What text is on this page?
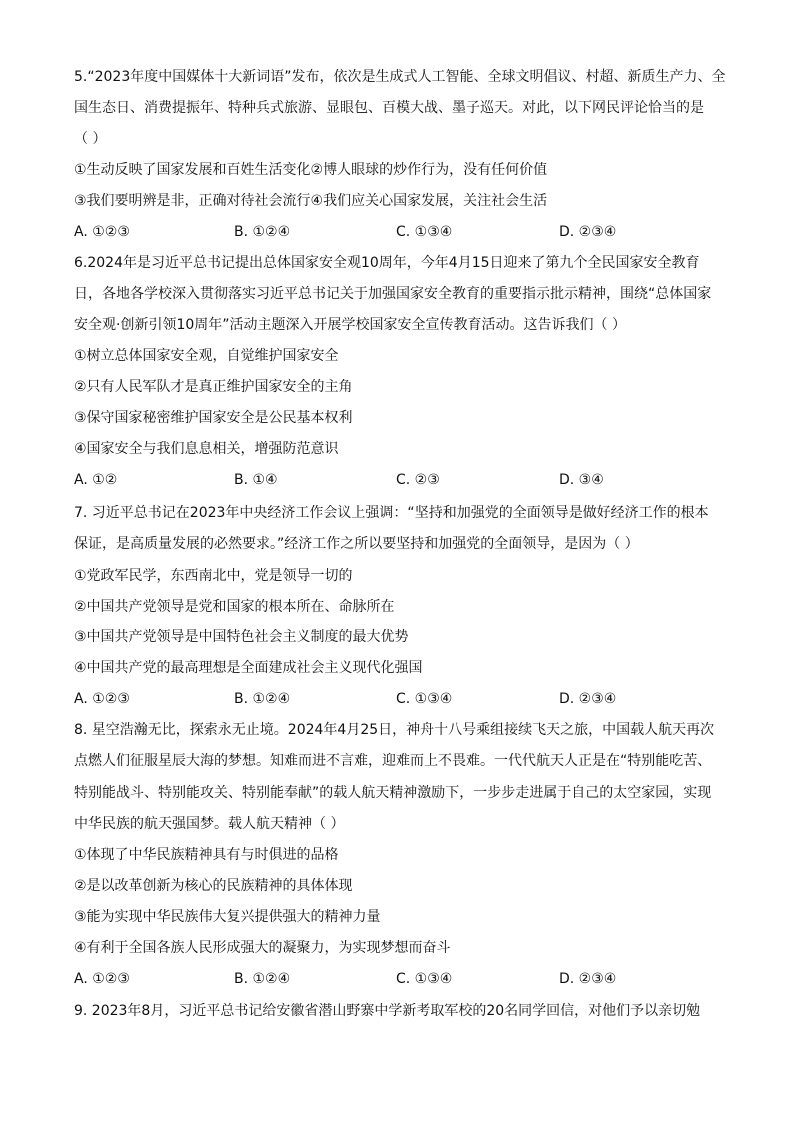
5.“2023年度中国媒体十大新词语”发布，依次是生成式人工智能、全球文明倡议、村超、新质生产力、全
国生态日、消费提振年、特种兵式旅游、显眼包、百模大战、墨子巡天。对此，以下网民评论恰当的是
（ ）
①生动反映了国家发展和百姓生活变化②博人眼球的炒作行为，没有任何价值
③我们要明辨是非，正确对待社会流行④我们应关心国家发展，关注社会生活
A. ①②③	B. ①②④	C. ①③④	D. ②③④
6.2024年是习近平总书记提出总体国家安全观10周年，今年4月15日迎来了第九个全民国家安全教育
日，各地各学校深入贯彻落实习近平总书记关于加强国家安全教育的重要指示批示精神，围绕“总体国家
安全观·创新引领10周年”活动主题深入开展学校国家安全宣传教育活动。这告诉我们（ ）
①树立总体国家安全观，自觉维护国家安全
②只有人民军队才是真正维护国家安全的主角
③保守国家秘密维护国家安全是公民基本权利
④国家安全与我们息息相关，增强防范意识
A. ①②	B. ①④	C. ②③	D. ③④
7. 习近平总书记在2023年中央经济工作会议上强调：“坚持和加强党的全面领导是做好经济工作的根本
保证，是高质量发展的必然要求。”经济工作之所以要坚持和加强党的全面领导，是因为（ ）
①党政军民学，东西南北中，党是领导一切的
②中国共产党领导是党和国家的根本所在、命脉所在
③中国共产党领导是中国特色社会主义制度的最大优势
④中国共产党的最高理想是全面建成社会主义现代化强国
A. ①②③	B. ①②④	C. ①③④	D. ②③④
8. 星空浩瀚无比，探索永无止境。2024年4月25日，神舟十八号乘组接续飞天之旅，中国载人航天再次
点燃人们征服星辰大海的梦想。知难而进不言难，迎难而上不畏难。一代代航天人正是在“特别能吃苦、
特别能战斗、特别能攻关、特别能奉献”的载人航天精神激励下，一步步走进属于自己的太空家园，实现
中华民族的航天强国梦。载人航天精神（ ）
①体现了中华民族精神具有与时俱进的品格
②是以改革创新为核心的民族精神的具体体现
③能为实现中华民族伟大复兴提供强大的精神力量
④有利于全国各族人民形成强大的凝聚力，为实现梦想而奋斗
A. ①②③	B. ①②④	C. ①③④	D. ②③④
9. 2023年8月，习近平总书记给安徽省潜山野寨中学新考取军校的20名同学回信，对他们予以亲切勉
